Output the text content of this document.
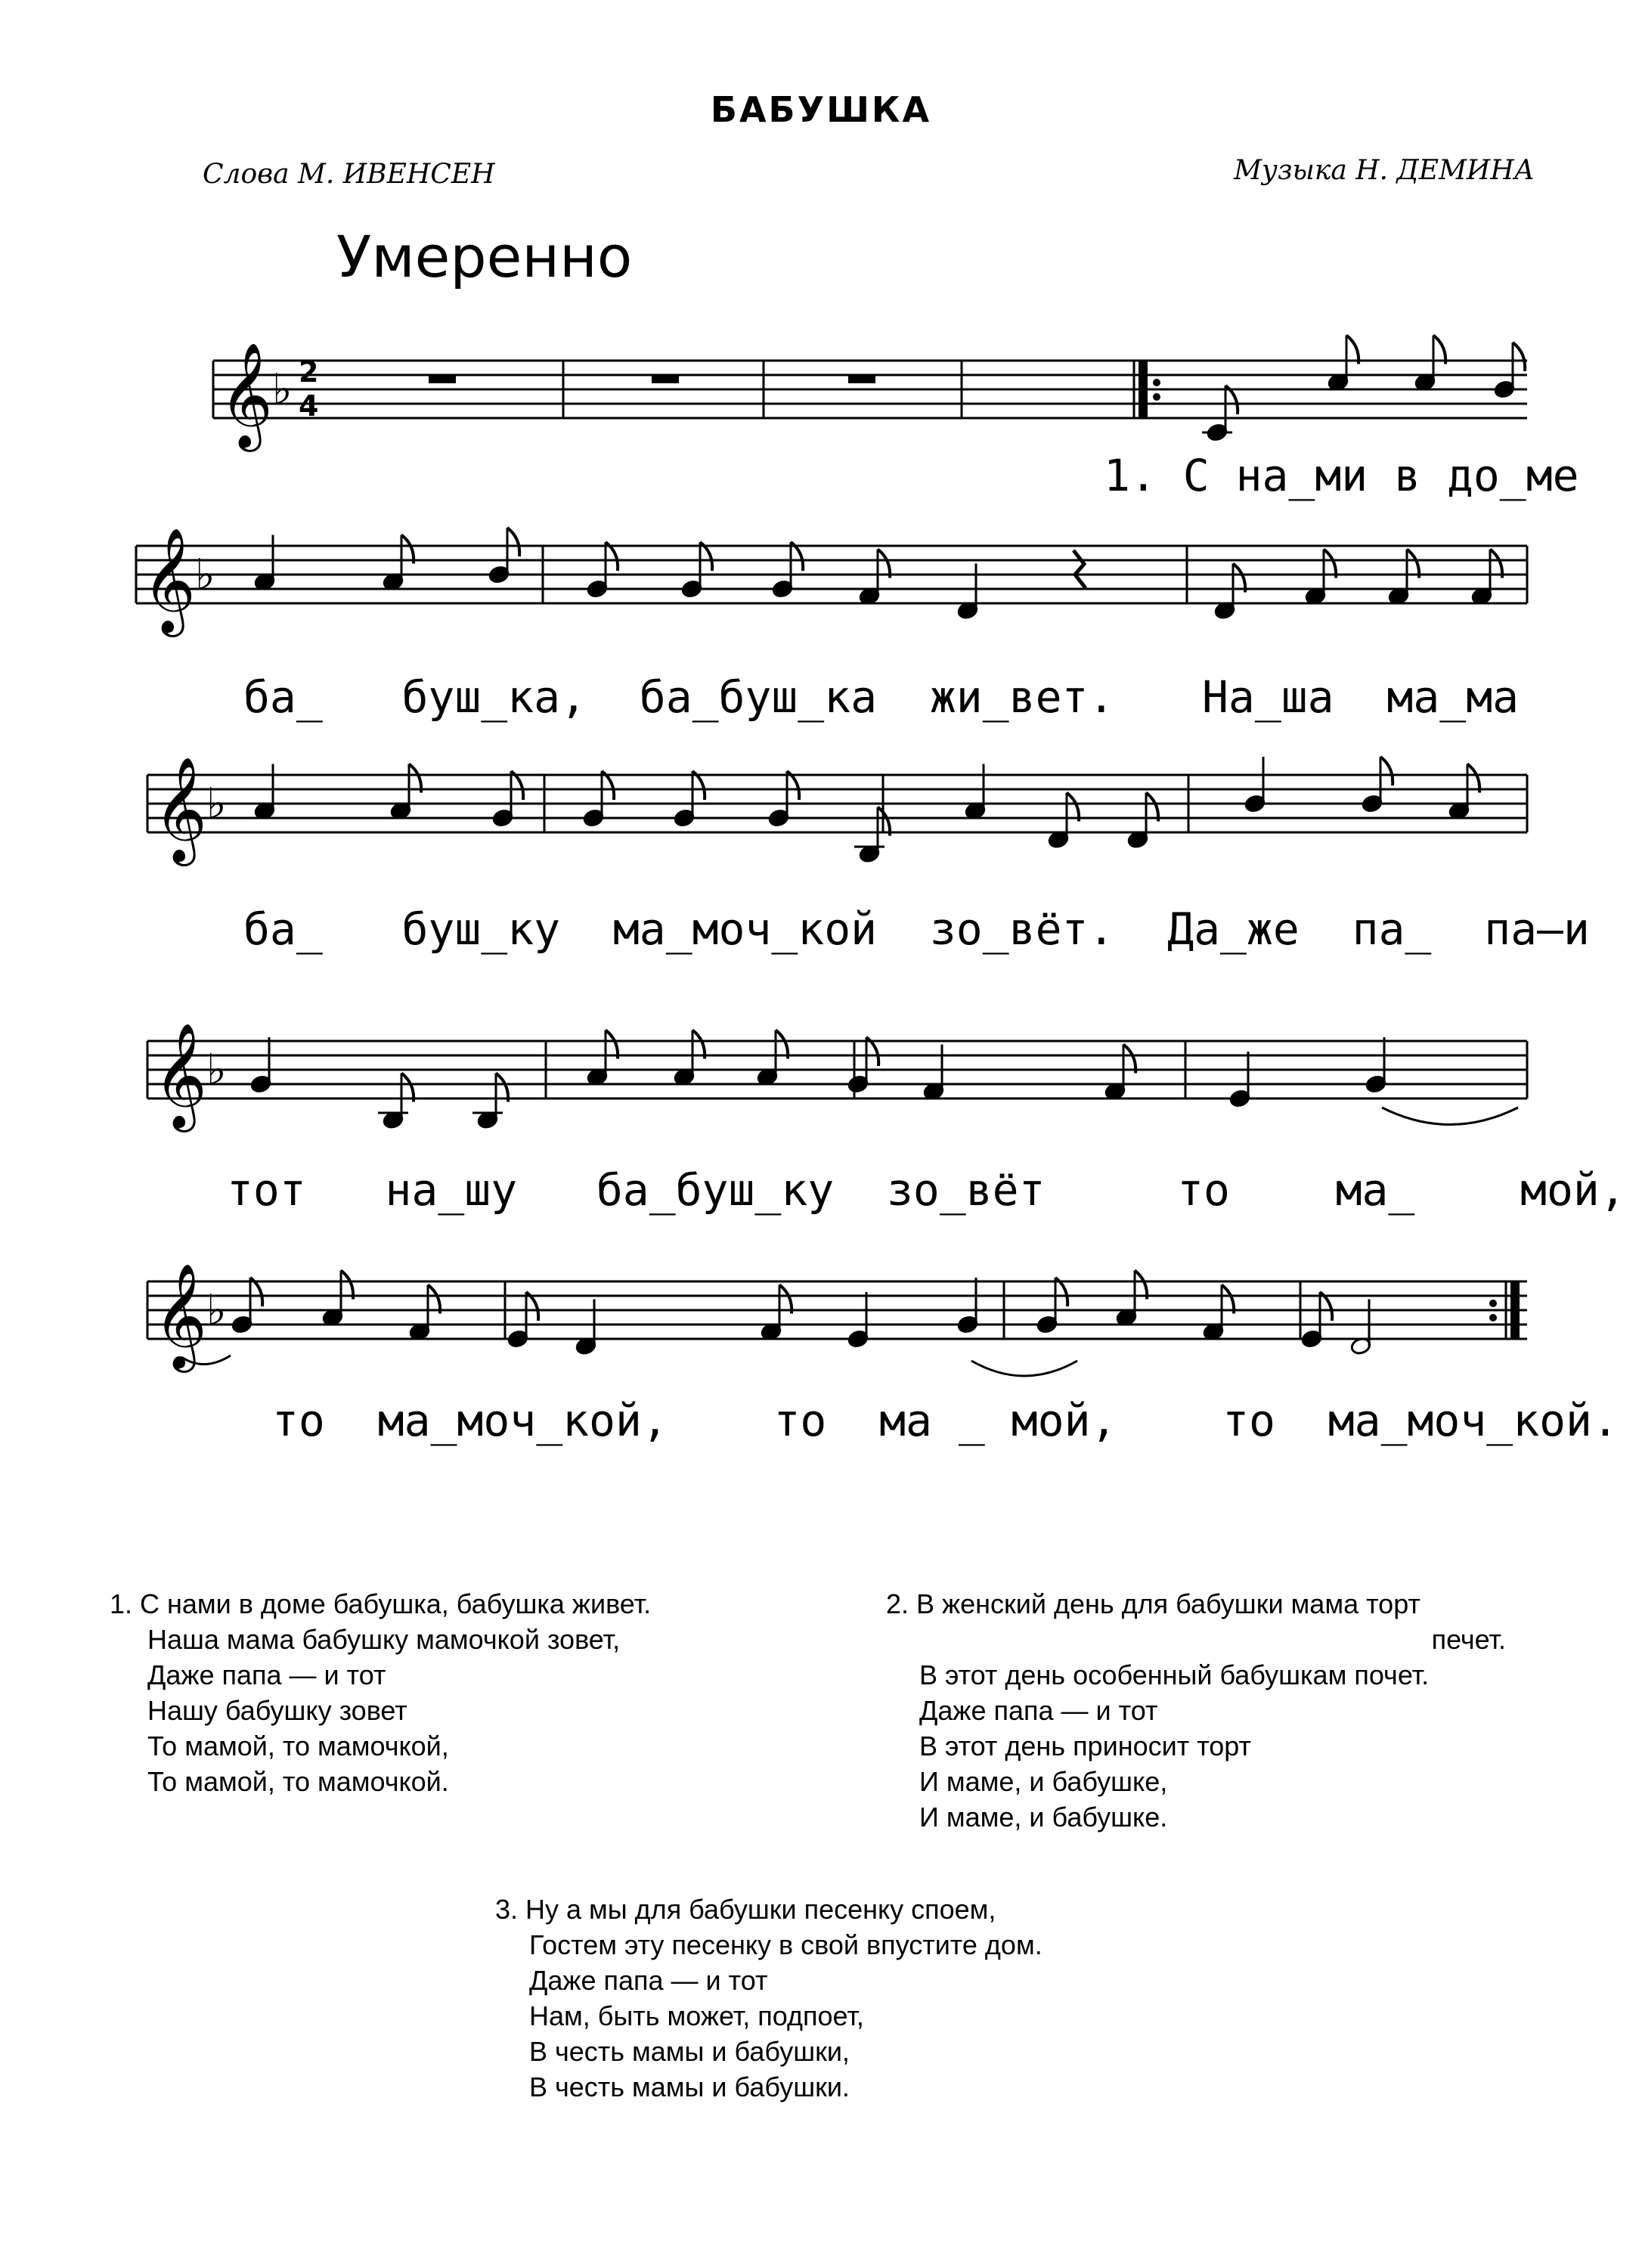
БАБУШКА
Слова М. ИВЕНСЕН	Музыка Н. ДЕМИНА
Умеренно
𝄞 ♭
𝄞 ♭
𝄞 ♭
𝄞 ♭
𝄞 ♭
2
4
1. С на_ми в до_ме
ба_   буш_ка,  ба_буш_ка  жи_вет. На_ша  ма_ма
ба_   буш_ку  ма_моч_кой  зо_вёт.  Да_же  па_  па–и
тот   на_шу   ба_буш_ку  зо_вёт     то    ма_    мой,
то  ма_моч_кой,    то  ма _ мой,    то  ма_моч_кой.
1. С нами в доме бабушка, бабушка живет.
Наша мама бабушку мамочкой зовет,
Даже папа — и тот
Нашу бабушку зовет
То мамой, то мамочкой,
То мамой, то мамочкой.
2. В женский день для бабушки мама торт
печет.
В этот день особенный бабушкам почет.
Даже папа — и тот
В этот день приносит торт
И маме, и бабушке,
И маме, и бабушке.
3. Ну а мы для бабушки песенку споем,
Гостем эту песенку в свой впустите дом.
Даже папа — и тот
Нам, быть может, подпоет,
В честь мамы и бабушки,
В честь мамы и бабушки.
